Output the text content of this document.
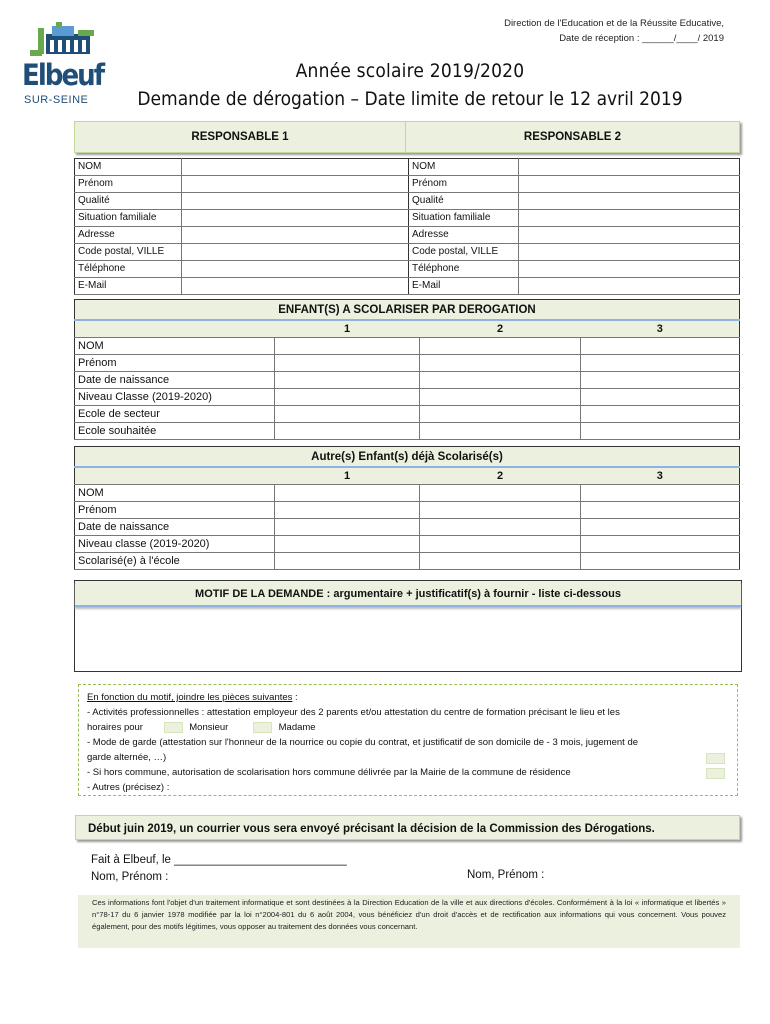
Direction de l'Education et de la Réussite Educative,
Date de réception : ______/____/ 2019
Elbeuf
SUR-SEINE
Année scolaire 2019/2020
Demande de dérogation – Date limite de retour le 12 avril 2019
RESPONSABLE 1	RESPONSABLE 2
NOM		NOM	
Prénom		Prénom	
Qualité		Qualité	
Situation familiale		Situation familiale	
Adresse		Adresse	
Code postal, VILLE		Code postal, VILLE	
Téléphone		Téléphone	
E-Mail		E-Mail	
ENFANT(S) A SCOLARISER PAR DEROGATION			
	1	2	3
NOM			
Prénom			
Date de naissance			
Niveau Classe (2019-2020)			
Ecole de secteur			
Ecole souhaitée			
Autre(s) Enfant(s) déjà Scolarisé(s)			
	1	2	3
NOM			
Prénom			
Date de naissance			
Niveau classe (2019-2020)			
Scolarisé(e) à l'école			
MOTIF DE LA DEMANDE : argumentaire + justificatif(s) à fournir - liste ci-dessous
En fonction du motif, joindre les pièces suivantes :
- Activités professionnelles : attestation employeur des 2 parents et/ou attestation du centre de formation précisant le lieu et les
horaires pour	Monsieur	Madame
- Mode de garde (attestation sur l'honneur de la nourrice ou copie du contrat, et justificatif de son domicile de - 3 mois, jugement de
garde alternée, …)
- Si hors commune, autorisation de scolarisation hors commune délivrée par la Mairie de la commune de résidence
- Autres (précisez) :
Début juin 2019, un courrier vous sera envoyé précisant la décision de la Commission des Dérogations.
Fait à Elbeuf, le ___________________________
Nom, Prénom :	Nom, Prénom :
Ces informations font l'objet d'un traitement informatique et sont destinées à la Direction Education de la ville et aux directions d'écoles. Conformément à la loi « informatique et libertés » n°78-17 du 6 janvier 1978 modifiée par la loi n°2004-801 du 6 août 2004, vous bénéficiez d'un droit d'accès et de rectification aux informations qui vous concernent. Vous pouvez également, pour des motifs légitimes, vous opposer au traitement des données vous concernant.
